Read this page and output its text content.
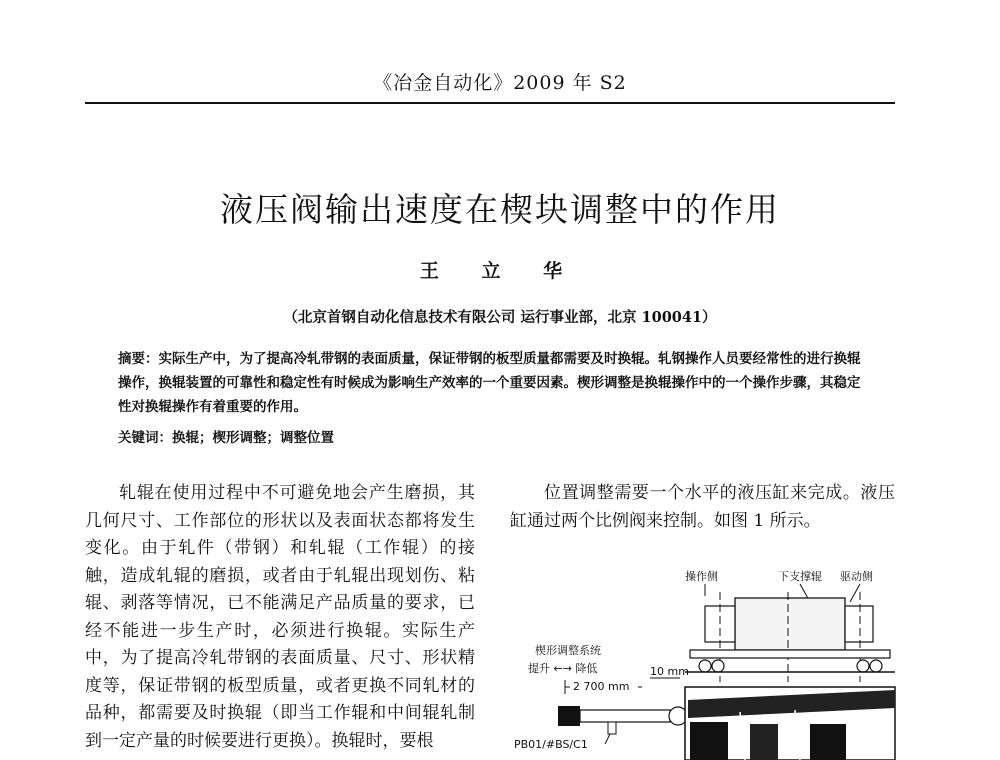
《冶金自动化》2009 年 S2
液压阀输出速度在楔块调整中的作用
王 立 华
（北京首钢自动化信息技术有限公司 运行事业部，北京 100041）
摘要：实际生产中，为了提高冷轧带钢的表面质量，保证带钢的板型质量都需要及时换辊。轧钢操作人员要经常性的进行换辊操作，换辊装置的可靠性和稳定性有时候成为影响生产效率的一个重要因素。楔形调整是换辊操作中的一个操作步骤，其稳定性对换辊操作有着重要的作用。
关键词：换辊；楔形调整；调整位置
轧辊在使用过程中不可避免地会产生磨损，其几何尺寸、工作部位的形状以及表面状态都将发生变化。由于轧件（带钢）和轧辊（工作辊）的接触，造成轧辊的磨损，或者由于轧辊出现划伤、粘辊、剥落等情况，已不能满足产品质量的要求，已经不能进一步生产时，必须进行换辊。实际生产中，为了提高冷轧带钢的表面质量、尺寸、形状精度等，保证带钢的板型质量，或者更换不同轧材的品种，都需要及时换辊（即当工作辊和中间辊轧制到一定产量的时候要进行更换）。换辊时，要根
位置调整需要一个水平的液压缸来完成。液压缸通过两个比例阀来控制。如图 1 所示。
操作侧	下支撑辊 驱动侧
楔形调整系统
提升 ←→ 降低
2 700 mm
10 mm
PB01/#BS/C1
